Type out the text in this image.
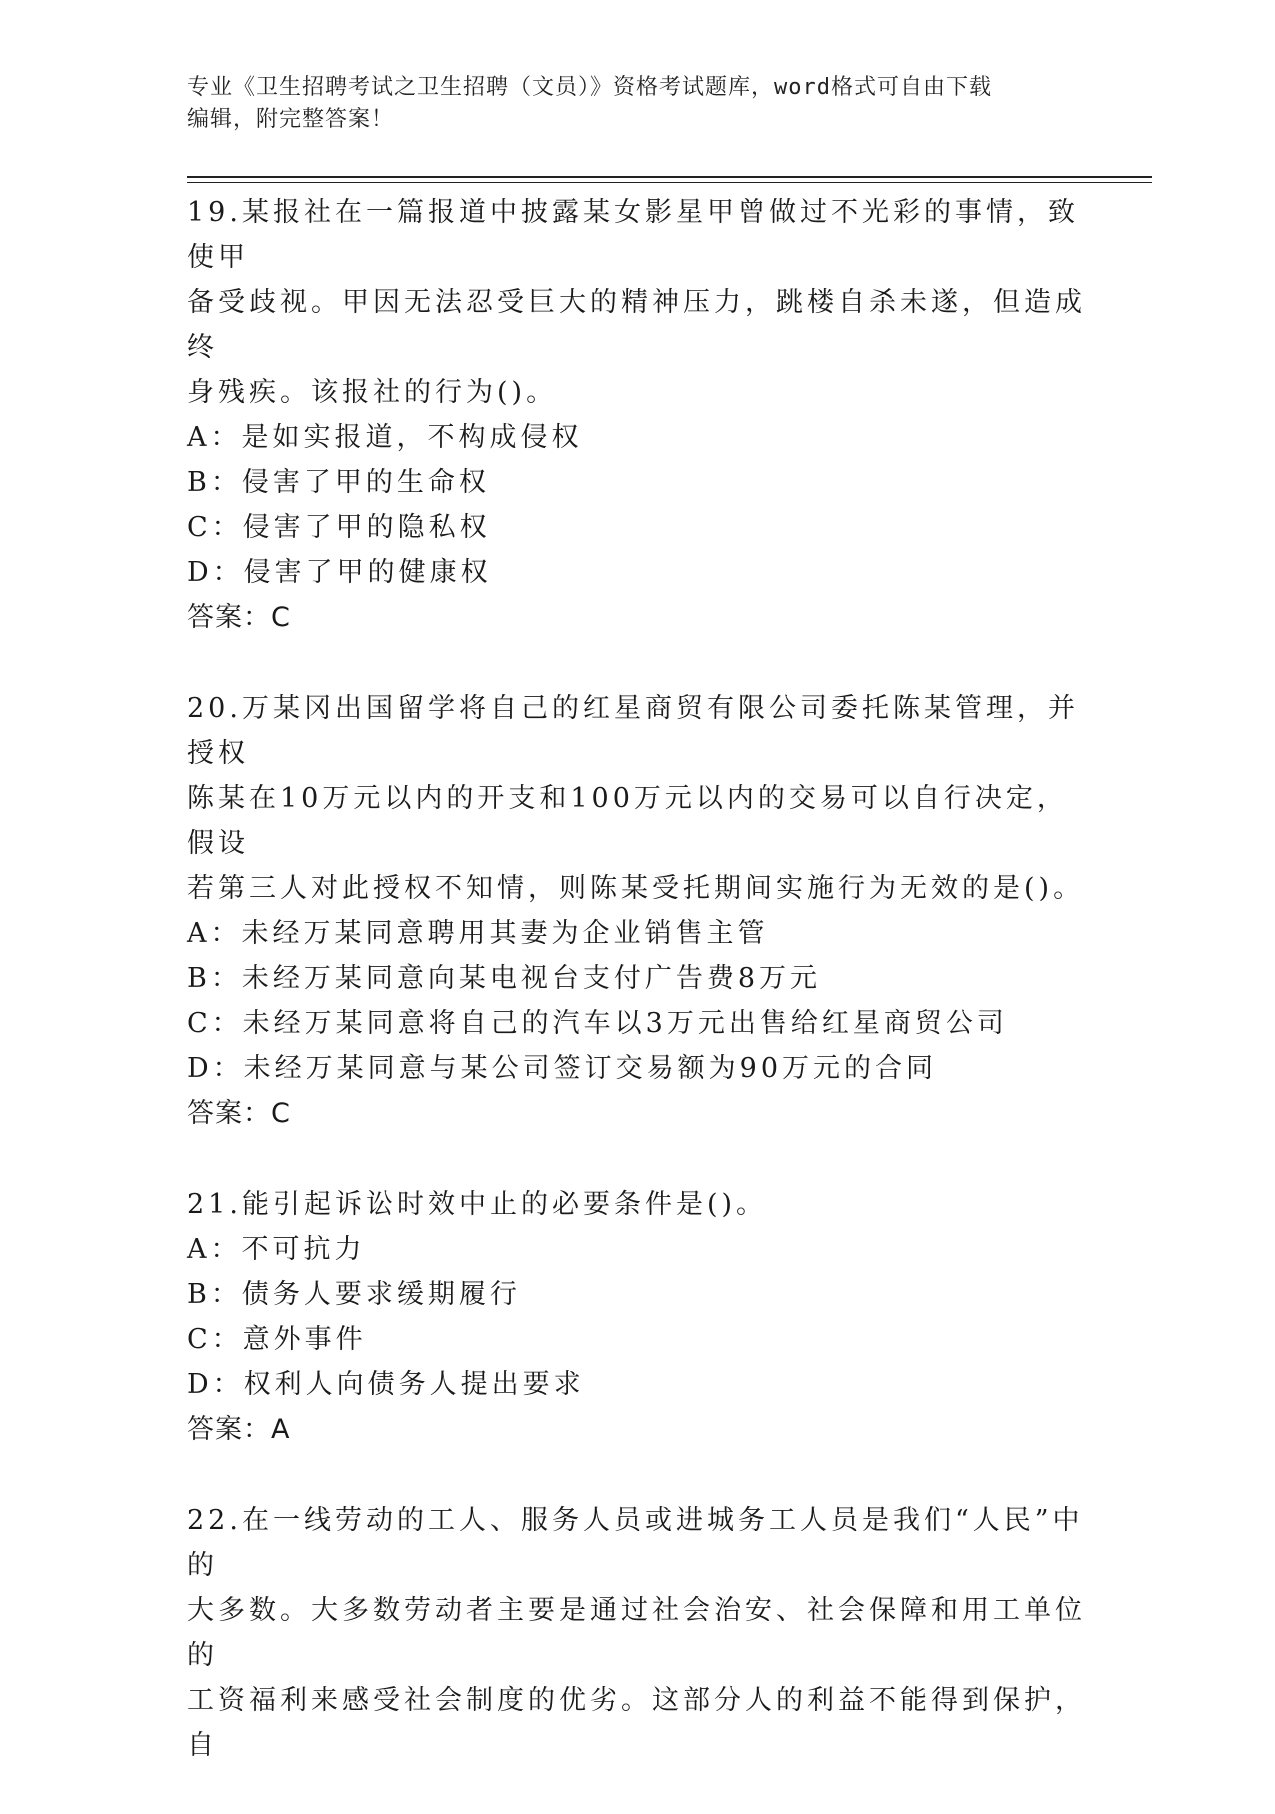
专业《卫生招聘考试之卫生招聘（文员）》资格考试题库，word格式可自由下载
编辑，附完整答案！

19.某报社在一篇报道中披露某女影星甲曾做过不光彩的事情，致使甲

备受歧视。甲因无法忍受巨大的精神压力，跳楼自杀未遂，但造成终

身残疾。该报社的行为()。

A：是如实报道，不构成侵权

B：侵害了甲的生命权

C：侵害了甲的隐私权

D：侵害了甲的健康权

答案：C

20.万某冈出国留学将自己的红星商贸有限公司委托陈某管理，并授权

陈某在10万元以内的开支和100万元以内的交易可以自行决定，假设

若第三人对此授权不知情，则陈某受托期间实施行为无效的是()。

A：未经万某同意聘用其妻为企业销售主管

B：未经万某同意向某电视台支付广告费8万元

C：未经万某同意将自己的汽车以3万元出售给红星商贸公司

D：未经万某同意与某公司签订交易额为90万元的合同

答案：C

21.能引起诉讼时效中止的必要条件是()。

A：不可抗力

B：债务人要求缓期履行

C：意外事件

D：权利人向债务人提出要求

答案：A

22.在一线劳动的工人、服务人员或进城务工人员是我们“人民”中的

大多数。大多数劳动者主要是通过社会治安、社会保障和用工单位的

工资福利来感受社会制度的优劣。这部分人的利益不能得到保护，自
